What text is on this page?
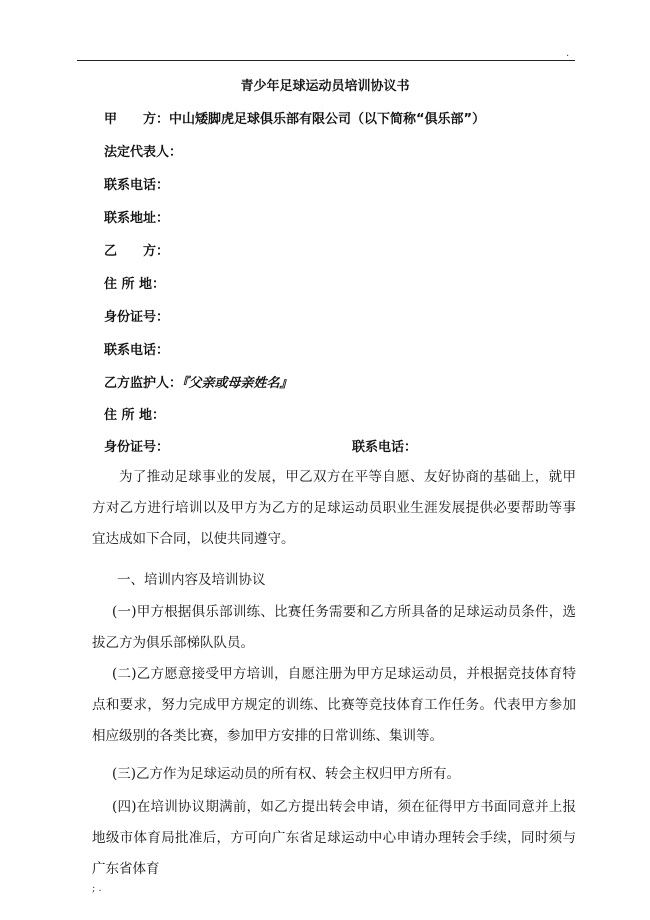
.
青少年足球运动员培训协议书
甲　　方：中山矮脚虎足球俱乐部有限公司（以下简称“俱乐部”）
法定代表人：
联系电话：
联系地址：
乙　　方：
住 所 地：
身份证号：
联系电话：
乙方监护人：『父亲或母亲姓名』
住 所 地：
身份证号：	联系电话：
为了推动足球事业的发展，甲乙双方在平等自愿、友好协商的基础上，就甲方对乙方进行培训以及甲方为乙方的足球运动员职业生涯发展提供必要帮助等事宜达成如下合同，以使共同遵守。
一、培训内容及培训协议
(一)甲方根据俱乐部训练、比赛任务需要和乙方所具备的足球运动员条件，选拔乙方为俱乐部梯队队员。
(二)乙方愿意接受甲方培训，自愿注册为甲方足球运动员，并根据竞技体育特点和要求，努力完成甲方规定的训练、比赛等竞技体育工作任务。代表甲方参加相应级别的各类比赛，参加甲方安排的日常训练、集训等。
(三)乙方作为足球运动员的所有权、转会主权归甲方所有。
(四)在培训协议期满前，如乙方提出转会申请，须在征得甲方书面同意并上报地级市体育局批准后，方可向广东省足球运动中心申请办理转会手续，同时须与广东省体育
; .
